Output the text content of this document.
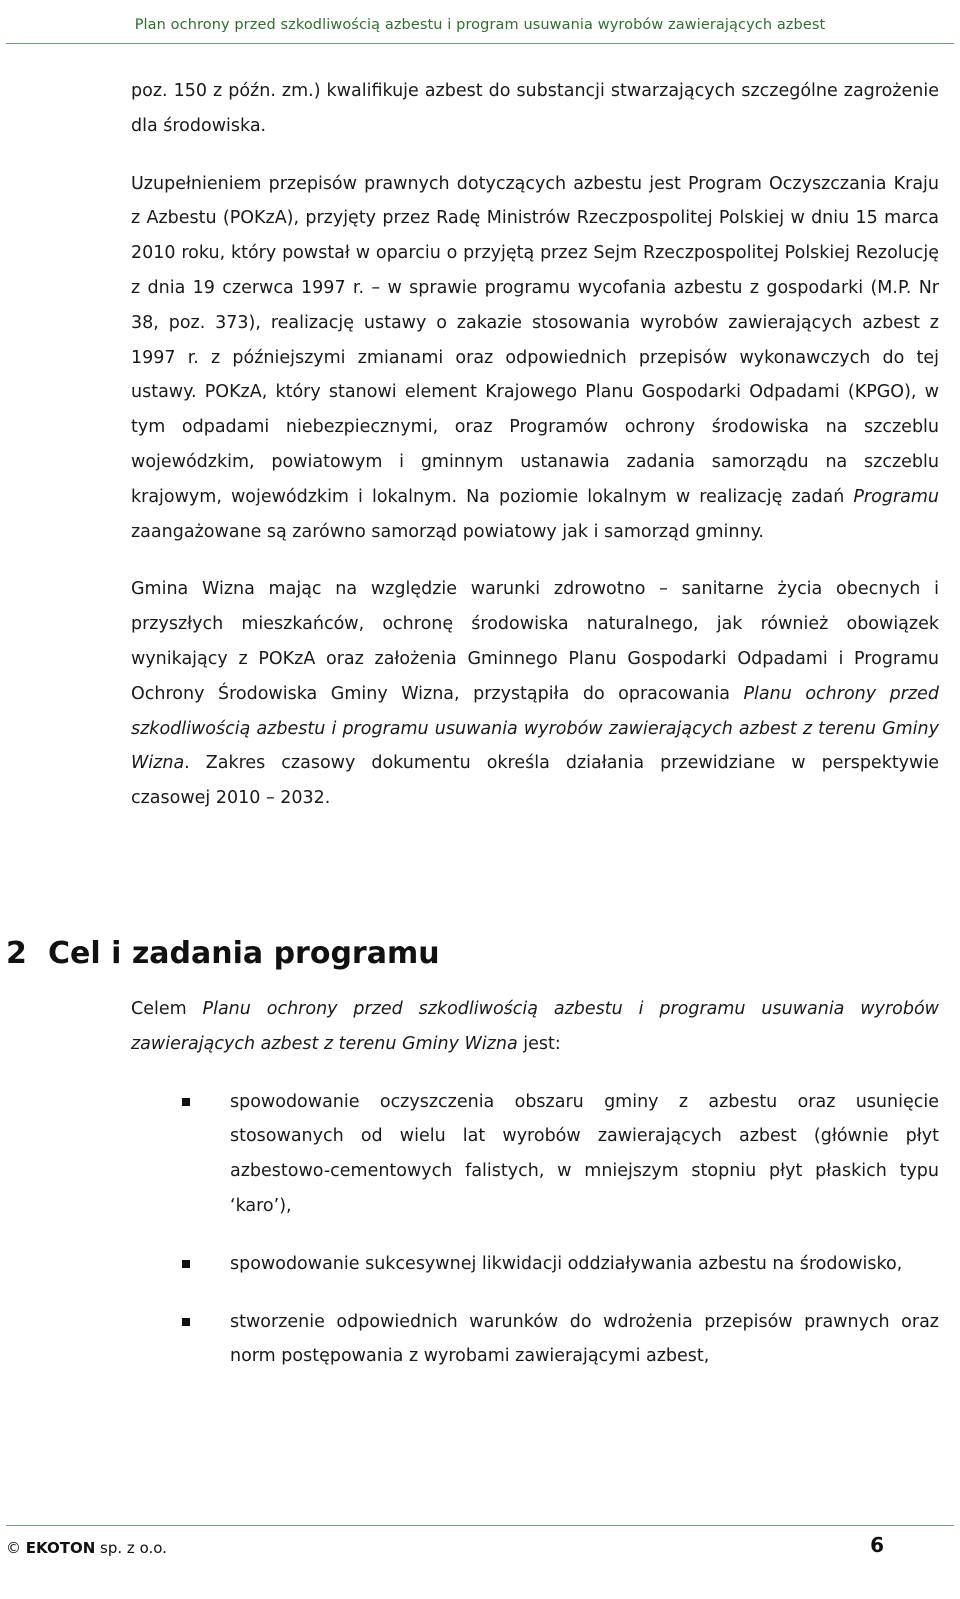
Plan ochrony przed szkodliwością azbestu i program usuwania wyrobów zawierających azbest

poz. 150 z późn. zm.) kwalifikuje azbest do substancji stwarzających szczególne zagrożenie dla środowiska.

Uzupełnieniem przepisów prawnych dotyczących azbestu jest Program Oczyszczania Kraju z Azbestu (POKzA), przyjęty przez Radę Ministrów Rzeczpospolitej Polskiej w dniu 15 marca 2010 roku, który powstał w oparciu o przyjętą przez Sejm Rzeczpospolitej Polskiej Rezolucję z dnia 19 czerwca 1997 r. – w sprawie programu wycofania azbestu z gospodarki (M.P. Nr 38, poz. 373), realizację ustawy o zakazie stosowania wyrobów zawierających azbest z 1997 r. z późniejszymi zmianami oraz odpowiednich przepisów wykonawczych do tej ustawy. POKzA, który stanowi element Krajowego Planu Gospodarki Odpadami (KPGO), w tym odpadami niebezpiecznymi, oraz Programów ochrony środowiska na szczeblu wojewódzkim, powiatowym i gminnym ustanawia zadania samorządu na szczeblu krajowym, wojewódzkim i lokalnym. Na poziomie lokalnym w realizację zadań Programu zaangażowane są zarówno samorząd powiatowy jak i samorząd gminny.

Gmina Wizna mając na względzie warunki zdrowotno – sanitarne życia obecnych i przyszłych mieszkańców, ochronę środowiska naturalnego, jak również obowiązek wynikający z POKzA oraz założenia Gminnego Planu Gospodarki Odpadami i Programu Ochrony Środowiska Gminy Wizna, przystąpiła do opracowania Planu ochrony przed szkodliwością azbestu i programu usuwania wyrobów zawierających azbest z terenu Gminy Wizna. Zakres czasowy dokumentu określa działania przewidziane w perspektywie czasowej 2010 – 2032.

2 Cel i zadania programu

Celem Planu ochrony przed szkodliwością azbestu i programu usuwania wyrobów zawierających azbest z terenu Gminy Wizna jest:

spowodowanie oczyszczenia obszaru gminy z azbestu oraz usunięcie stosowanych od wielu lat wyrobów zawierających azbest (głównie płyt azbestowo-cementowych falistych, w mniejszym stopniu płyt płaskich typu ‘karo’),
spowodowanie sukcesywnej likwidacji oddziaływania azbestu na środowisko,
stworzenie odpowiednich warunków do wdrożenia przepisów prawnych oraz norm postępowania z wyrobami zawierającymi azbest,
© EKOTON sp. z o.o.	6
